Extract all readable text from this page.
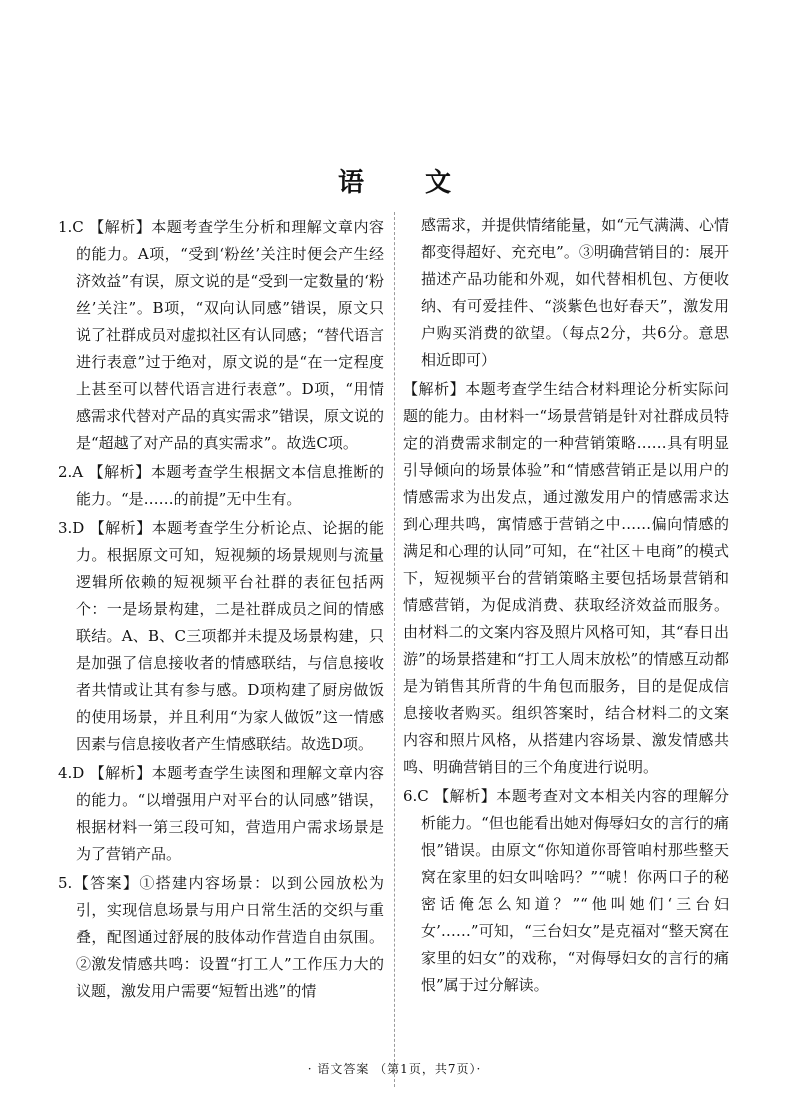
语 文
1.C 【解析】本题考查学生分析和理解文章内容的能力。A项，“受到‘粉丝’关注时便会产生经济效益”有误，原文说的是“受到一定数量的‘粉丝’关注”。B项，“双向认同感”错误，原文只说了社群成员对虚拟社区有认同感；“替代语言进行表意”过于绝对，原文说的是“在一定程度上甚至可以替代语言进行表意”。D项，“用情感需求代替对产品的真实需求”错误，原文说的是“超越了对产品的真实需求”。故选C项。
2.A 【解析】本题考查学生根据文本信息推断的能力。“是……的前提”无中生有。
3.D 【解析】本题考查学生分析论点、论据的能力。根据原文可知，短视频的场景规则与流量逻辑所依赖的短视频平台社群的表征包括两个：一是场景构建，二是社群成员之间的情感联结。A、B、C三项都并未提及场景构建，只是加强了信息接收者的情感联结，与信息接收者共情或让其有参与感。D项构建了厨房做饭的使用场景，并且利用“为家人做饭”这一情感因素与信息接收者产生情感联结。故选D项。
4.D 【解析】本题考查学生读图和理解文章内容的能力。“以增强用户对平台的认同感”错误，根据材料一第三段可知，营造用户需求场景是为了营销产品。
5.【答案】①搭建内容场景：以到公园放松为引，实现信息场景与用户日常生活的交织与重叠，配图通过舒展的肢体动作营造自由氛围。②激发情感共鸣：设置“打工人”工作压力大的议题，激发用户需要“短暂出逃”的情
感需求，并提供情绪能量，如“元气满满、心情都变得超好、充充电”。③明确营销目的：展开描述产品功能和外观，如代替相机包、方便收纳、有可爱挂件、“淡紫色也好春天”，激发用户购买消费的欲望。（每点2分，共6分。意思相近即可）
【解析】本题考查学生结合材料理论分析实际问题的能力。由材料一“场景营销是针对社群成员特定的消费需求制定的一种营销策略……具有明显引导倾向的场景体验”和“情感营销正是以用户的情感需求为出发点，通过激发用户的情感需求达到心理共鸣，寓情感于营销之中……偏向情感的满足和心理的认同”可知，在“社区＋电商”的模式下，短视频平台的营销策略主要包括场景营销和情感营销，为促成消费、获取经济效益而服务。由材料二的文案内容及照片风格可知，其“春日出游”的场景搭建和“打工人周末放松”的情感互动都是为销售其所背的牛角包而服务，目的是促成信息接收者购买。组织答案时，结合材料二的文案内容和照片风格，从搭建内容场景、激发情感共鸣、明确营销目的三个角度进行说明。
6.C 【解析】本题考查对文本相关内容的理解分析能力。“但也能看出她对侮辱妇女的言行的痛恨”错误。由原文“你知道你哥管咱村那些整天窝在家里的妇女叫啥吗？”“唬！你两口子的秘密话俺怎么知道？”“他叫她们‘三台妇女’……”可知，“三台妇女”是克福对“整天窝在家里的妇女”的戏称，“对侮辱妇女的言行的痛恨”属于过分解读。
· 语文答案 （第1页，共7页）·
